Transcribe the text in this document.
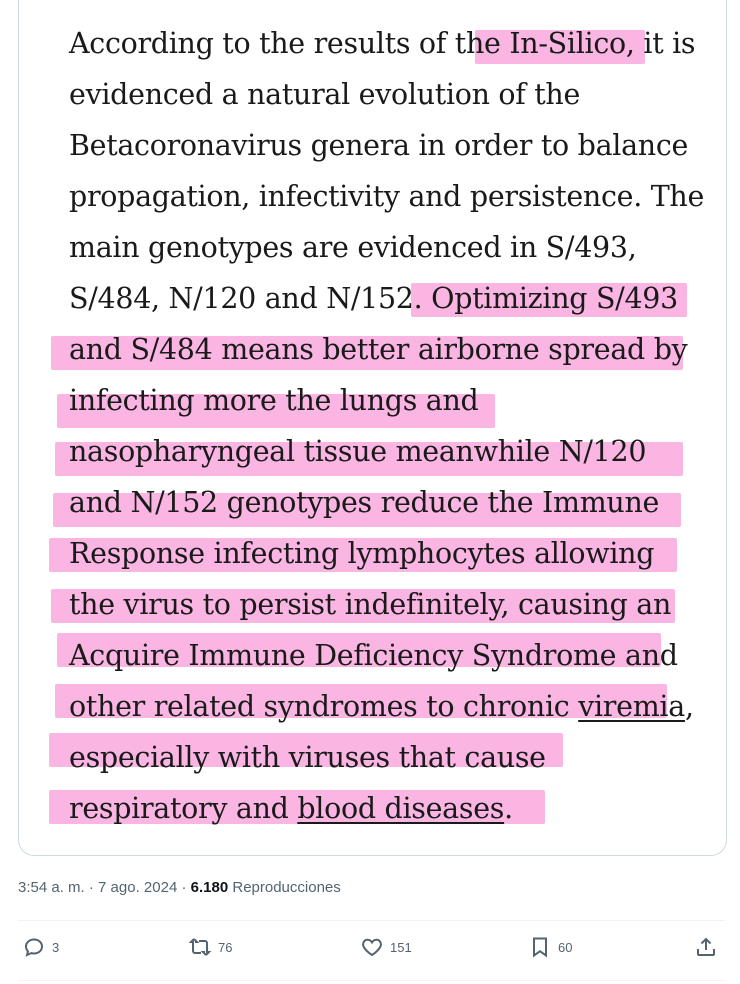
According to the results of the In-Silico, it is
evidenced a natural evolution of the
Betacoronavirus genera in order to balance
propagation, infectivity and persistence. The
main genotypes are evidenced in S/493,
S/484, N/120 and N/152. Optimizing S/493
and S/484 means better airborne spread by
infecting more the lungs and
nasopharyngeal tissue meanwhile N/120
and N/152 genotypes reduce the Immune
Response infecting lymphocytes allowing
the virus to persist indefinitely, causing an
Acquire Immune Deficiency Syndrome and
other related syndromes to chronic viremia,
especially with viruses that cause
respiratory and blood diseases.
3:54 a. m. · 7 ago. 2024 · 6.180 Reproducciones
3	76	151	60
